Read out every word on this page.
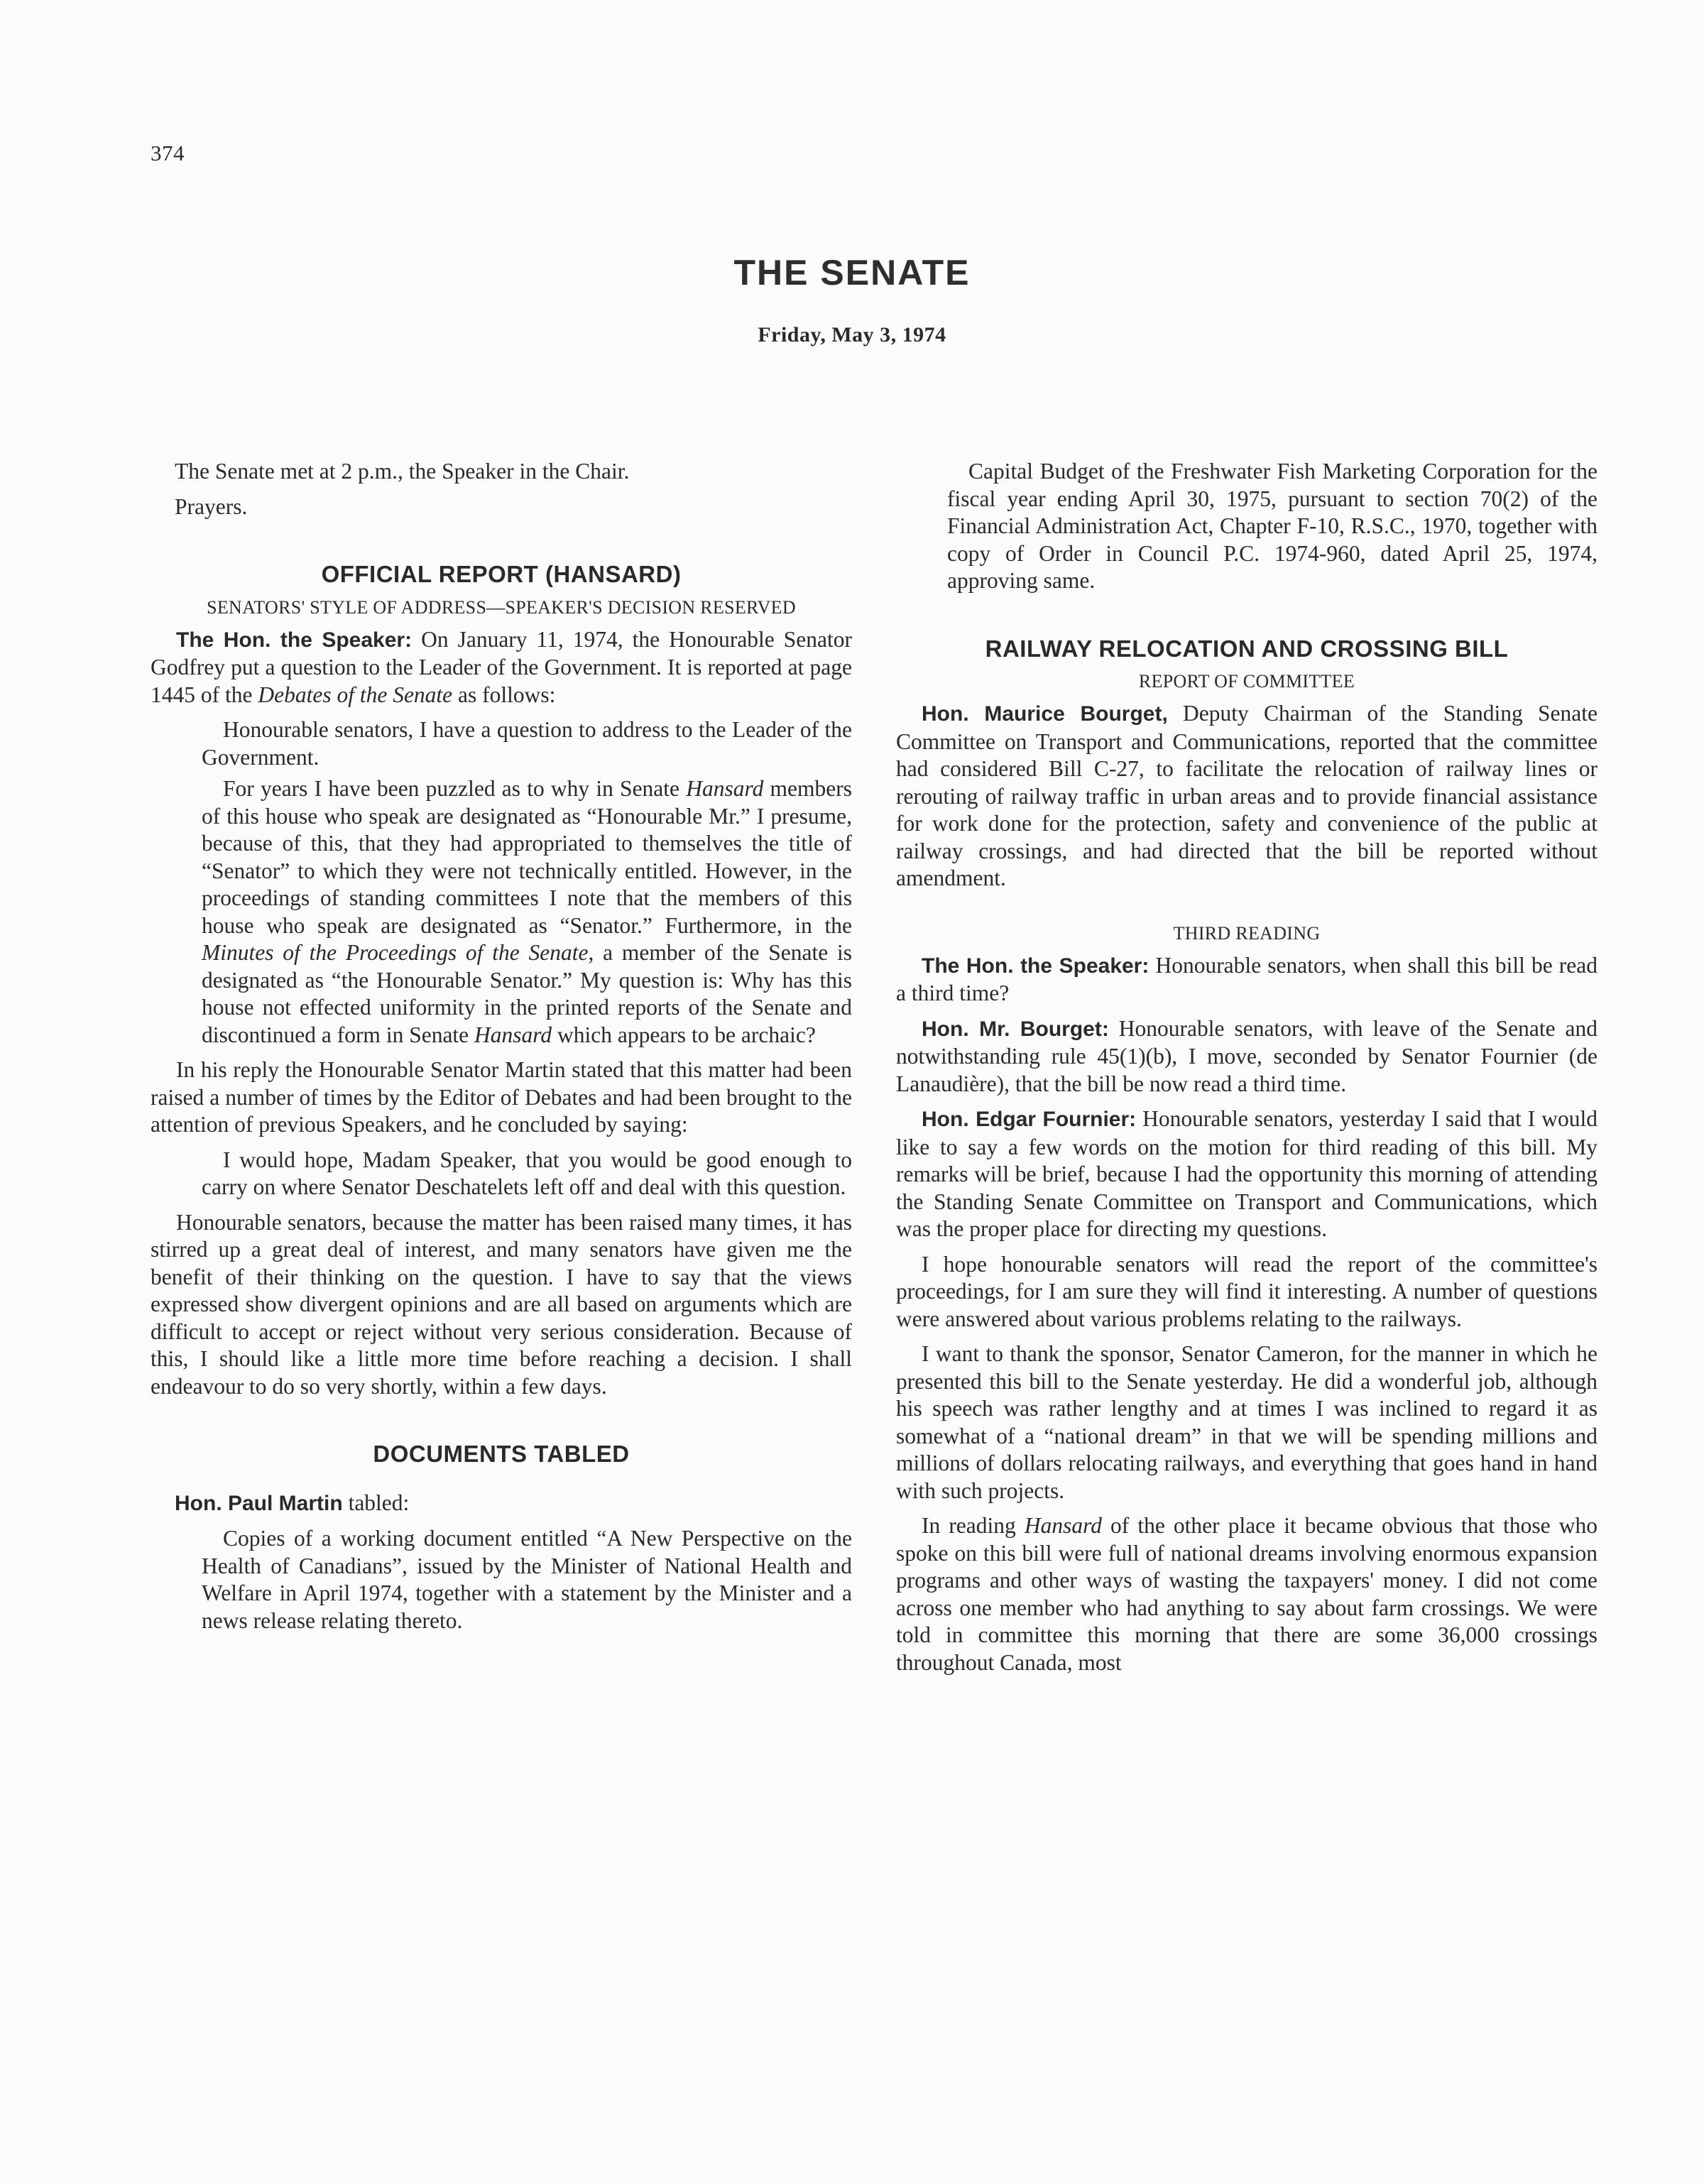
374
THE SENATE
Friday, May 3, 1974

The Senate met at 2 p.m., the Speaker in the Chair.

Prayers.

OFFICIAL REPORT (HANSARD)
SENATORS' STYLE OF ADDRESS—SPEAKER'S DECISION RESERVED

The Hon. the Speaker: On January 11, 1974, the Honourable Senator Godfrey put a question to the Leader of the Government. It is reported at page 1445 of the Debates of the Senate as follows:

Honourable senators, I have a question to address to the Leader of the Government.

For years I have been puzzled as to why in Senate Hansard members of this house who speak are designated as “Honourable Mr.” I presume, because of this, that they had appropriated to themselves the title of “Senator” to which they were not technically entitled. However, in the proceedings of standing committees I note that the members of this house who speak are designated as “Senator.” Furthermore, in the Minutes of the Proceedings of the Senate, a member of the Senate is designated as “the Honourable Senator.” My question is: Why has this house not effected uniformity in the printed reports of the Senate and discontinued a form in Senate Hansard which appears to be archaic?

In his reply the Honourable Senator Martin stated that this matter had been raised a number of times by the Editor of Debates and had been brought to the attention of previous Speakers, and he concluded by saying:

I would hope, Madam Speaker, that you would be good enough to carry on where Senator Deschatelets left off and deal with this question.

Honourable senators, because the matter has been raised many times, it has stirred up a great deal of interest, and many senators have given me the benefit of their thinking on the question. I have to say that the views expressed show divergent opinions and are all based on arguments which are difficult to accept or reject without very serious consideration. Because of this, I should like a little more time before reaching a decision. I shall endeavour to do so very shortly, within a few days.

DOCUMENTS TABLED

Hon. Paul Martin tabled:

Copies of a working document entitled “A New Perspective on the Health of Canadians”, issued by the Minister of National Health and Welfare in April 1974, together with a statement by the Minister and a news release relating thereto.

Capital Budget of the Freshwater Fish Marketing Corporation for the fiscal year ending April 30, 1975, pursuant to section 70(2) of the Financial Administration Act, Chapter F-10, R.S.C., 1970, together with copy of Order in Council P.C. 1974-960, dated April 25, 1974, approving same.

RAILWAY RELOCATION AND CROSSING BILL
REPORT OF COMMITTEE

Hon. Maurice Bourget, Deputy Chairman of the Standing Senate Committee on Transport and Communications, reported that the committee had considered Bill C-27, to facilitate the relocation of railway lines or rerouting of railway traffic in urban areas and to provide financial assistance for work done for the protection, safety and convenience of the public at railway crossings, and had directed that the bill be reported without amendment.

THIRD READING

The Hon. the Speaker: Honourable senators, when shall this bill be read a third time?

Hon. Mr. Bourget: Honourable senators, with leave of the Senate and notwithstanding rule 45(1)(b), I move, seconded by Senator Fournier (de Lanaudière), that the bill be now read a third time.

Hon. Edgar Fournier: Honourable senators, yesterday I said that I would like to say a few words on the motion for third reading of this bill. My remarks will be brief, because I had the opportunity this morning of attending the Standing Senate Committee on Transport and Communications, which was the proper place for directing my questions.

I hope honourable senators will read the report of the committee's proceedings, for I am sure they will find it interesting. A number of questions were answered about various problems relating to the railways.

I want to thank the sponsor, Senator Cameron, for the manner in which he presented this bill to the Senate yesterday. He did a wonderful job, although his speech was rather lengthy and at times I was inclined to regard it as somewhat of a “national dream” in that we will be spending millions and millions of dollars relocating railways, and everything that goes hand in hand with such projects.

In reading Hansard of the other place it became obvious that those who spoke on this bill were full of national dreams involving enormous expansion programs and other ways of wasting the taxpayers' money. I did not come across one member who had anything to say about farm crossings. We were told in committee this morning that there are some 36,000 crossings throughout Canada, most
